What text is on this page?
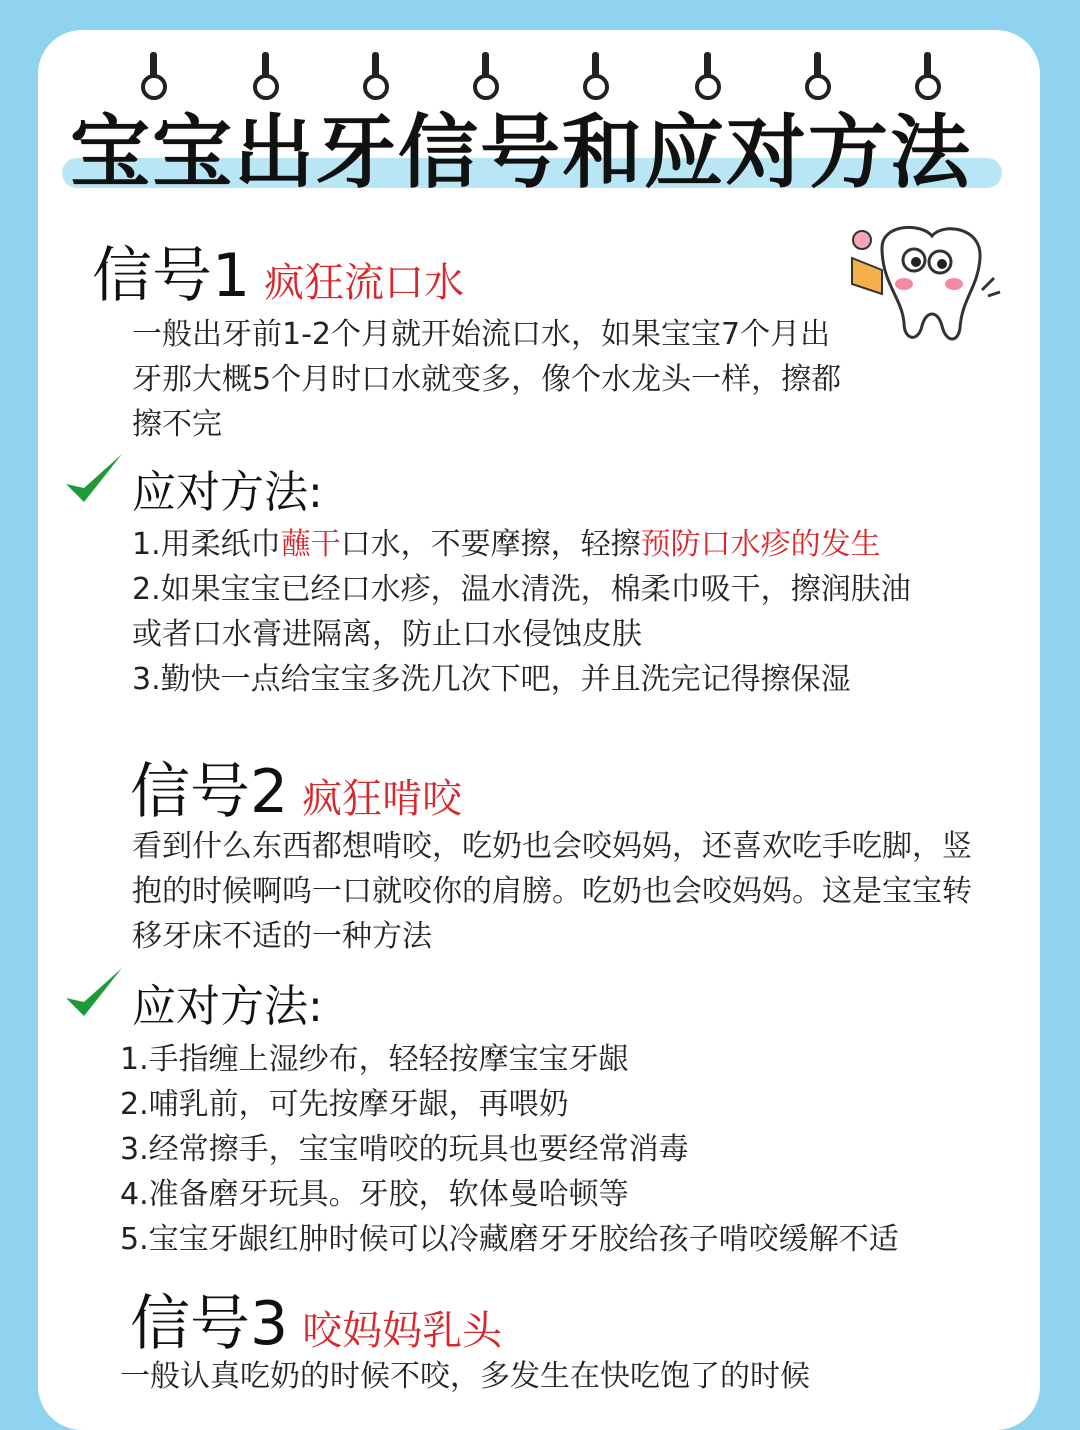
宝宝出牙信号和应对方法
信号1 疯狂流口水
一般出牙前1-2个月就开始流口水，如果宝宝7个月出
牙那大概5个月时口水就变多，像个水龙头一样，擦都
擦不完
应对方法:
1.用柔纸巾蘸干口水，不要摩擦，轻擦预防口水疹的发生
2.如果宝宝已经口水疹，温水清洗，棉柔巾吸干，擦润肤油
或者口水膏进隔离，防止口水侵蚀皮肤
3.勤快一点给宝宝多洗几次下吧，并且洗完记得擦保湿
信号2 疯狂啃咬
看到什么东西都想啃咬，吃奶也会咬妈妈，还喜欢吃手吃脚，竖
抱的时候啊呜一口就咬你的肩膀。吃奶也会咬妈妈。这是宝宝转
移牙床不适的一种方法
应对方法:
1.手指缠上湿纱布，轻轻按摩宝宝牙龈
2.哺乳前，可先按摩牙龈，再喂奶
3.经常擦手，宝宝啃咬的玩具也要经常消毒
4.准备磨牙玩具。牙胶，软体曼哈顿等
5.宝宝牙龈红肿时候可以冷藏磨牙牙胶给孩子啃咬缓解不适
信号3 咬妈妈乳头
一般认真吃奶的时候不咬，多发生在快吃饱了的时候
